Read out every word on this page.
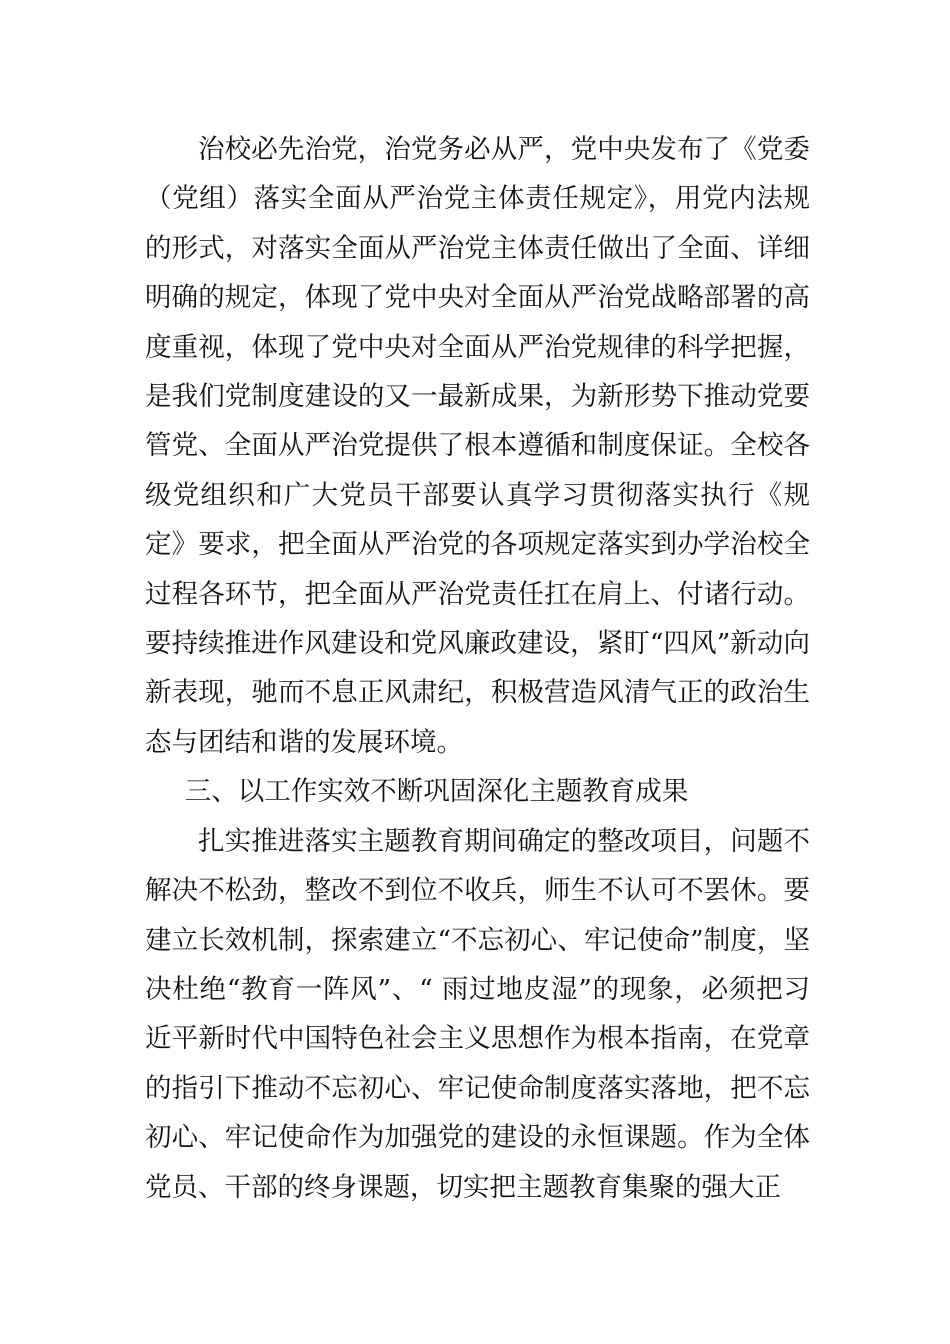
治校必先治党，治党务必从严，党中央发布了《党委（党组）落实全面从严治党主体责任规定》，用党内法规的形式，对落实全面从严治党主体责任做出了全面、详细明确的规定，体现了党中央对全面从严治党战略部署的高度重视，体现了党中央对全面从严治党规律的科学把握，是我们党制度建设的又一最新成果，为新形势下推动党要管党、全面从严治党提供了根本遵循和制度保证。全校各级党组织和广大党员干部要认真学习贯彻落实执行《规定》要求，把全面从严治党的各项规定落实到办学治校全过程各环节，把全面从严治党责任扛在肩上、付诸行动。要持续推进作风建设和党风廉政建设，紧盯“四风”新动向新表现，驰而不息正风肃纪，积极营造风清气正的政治生态与团结和谐的发展环境。

三、以工作实效不断巩固深化主题教育成果

扎实推进落实主题教育期间确定的整改项目，问题不解决不松劲，整改不到位不收兵，师生不认可不罢休。要建立长效机制，探索建立“不忘初心、牢记使命”制度，坚决杜绝“教育一阵风”、“ 雨过地皮湿”的现象，必须把习近平新时代中国特色社会主义思想作为根本指南，在党章的指引下推动不忘初心、牢记使命制度落实落地，把不忘初心、牢记使命作为加强党的建设的永恒课题。作为全体党员、干部的终身课题，切实把主题教育集聚的强大正
